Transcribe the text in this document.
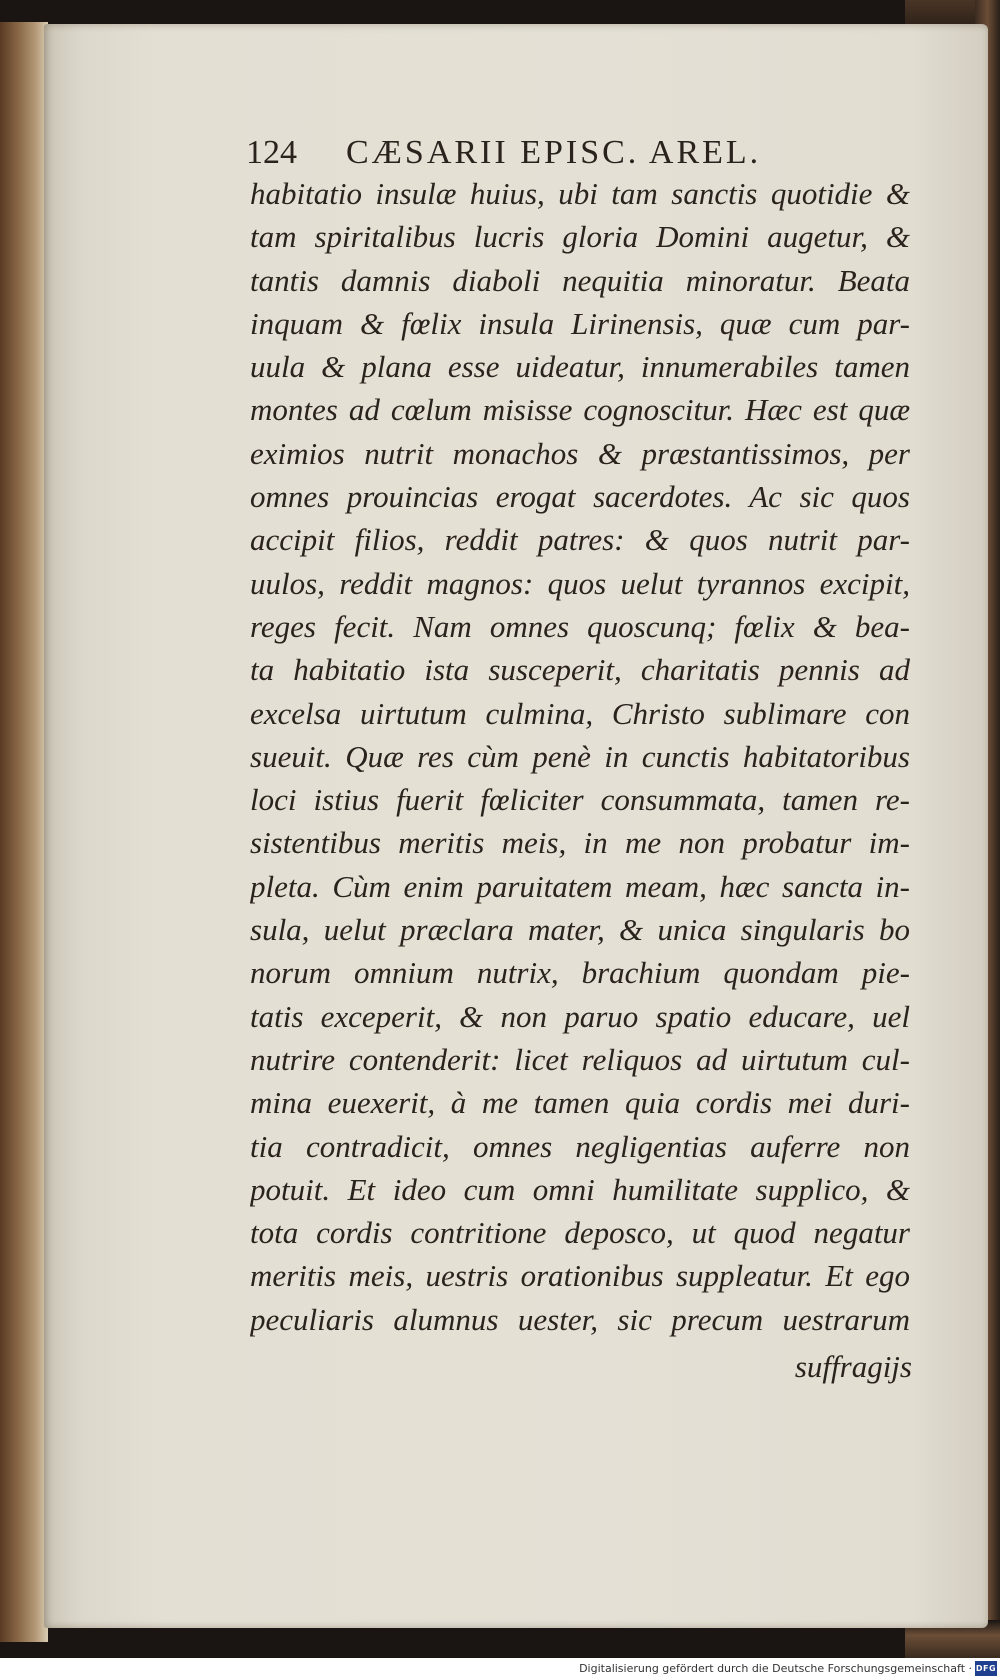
124 CÆSARII EPISC. AREL.
habitatio insulæ huius, ubi tam sanctis quotidie &
tam spiritalibus lucris gloria Domini augetur, &
tantis damnis diaboli nequitia minoratur. Beata
inquam & fœlix insula Lirinensis, quæ cum par-
uula & plana esse uideatur, innumerabiles tamen
montes ad cœlum misisse cognoscitur. Hæc est quæ
eximios nutrit monachos & præstantissimos, per
omnes prouincias erogat sacerdotes. Ac sic quos
accipit filios, reddit patres: & quos nutrit par-
uulos, reddit magnos: quos uelut tyrannos excipit,
reges fecit. Nam omnes quoscunq; fœlix & bea-
ta habitatio ista susceperit, charitatis pennis ad
excelsa uirtutum culmina, Christo sublimare con
sueuit. Quæ res cùm penè in cunctis habitatoribus
loci istius fuerit fœliciter consummata, tamen re-
sistentibus meritis meis, in me non probatur im-
pleta. Cùm enim paruitatem meam, hæc sancta in-
sula, uelut præclara mater, & unica singularis bo
norum omnium nutrix, brachium quondam pie-
tatis exceperit, & non paruo spatio educare, uel
nutrire contenderit: licet reliquos ad uirtutum cul-
mina euexerit, à me tamen quia cordis mei duri-
tia contradicit, omnes negligentias auferre non
potuit. Et ideo cum omni humilitate supplico, &
tota cordis contritione deposco, ut quod negatur
meritis meis, uestris orationibus suppleatur. Et ego
peculiaris alumnus uester, sic precum uestrarum
suffragijs
Digitalisierung gefördert durch die Deutsche Forschungsgemeinschaft · DFG
